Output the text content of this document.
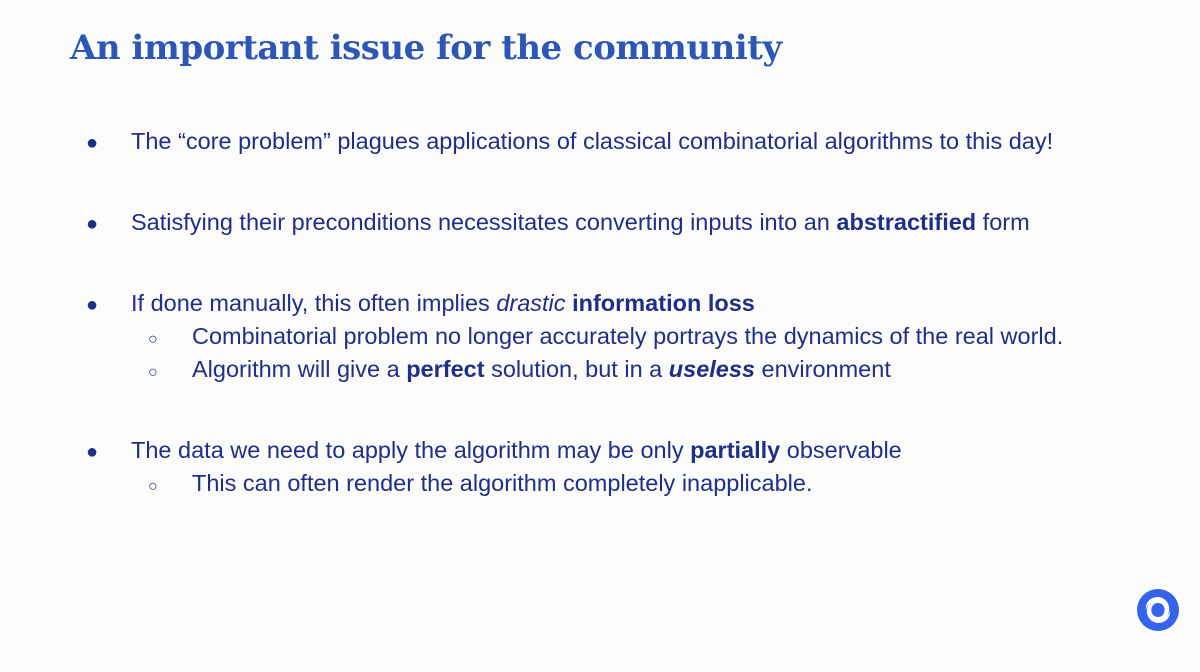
An important issue for the community
●	The “core problem” plagues applications of classical combinatorial algorithms to this day!
●	Satisfying their preconditions necessitates converting inputs into an abstractified form
●	If done manually, this often implies drastic information loss
○	Combinatorial problem no longer accurately portrays the dynamics of the real world.
○	Algorithm will give a perfect solution, but in a useless environment
●	The data we need to apply the algorithm may be only partially observable
○	This can often render the algorithm completely inapplicable.
